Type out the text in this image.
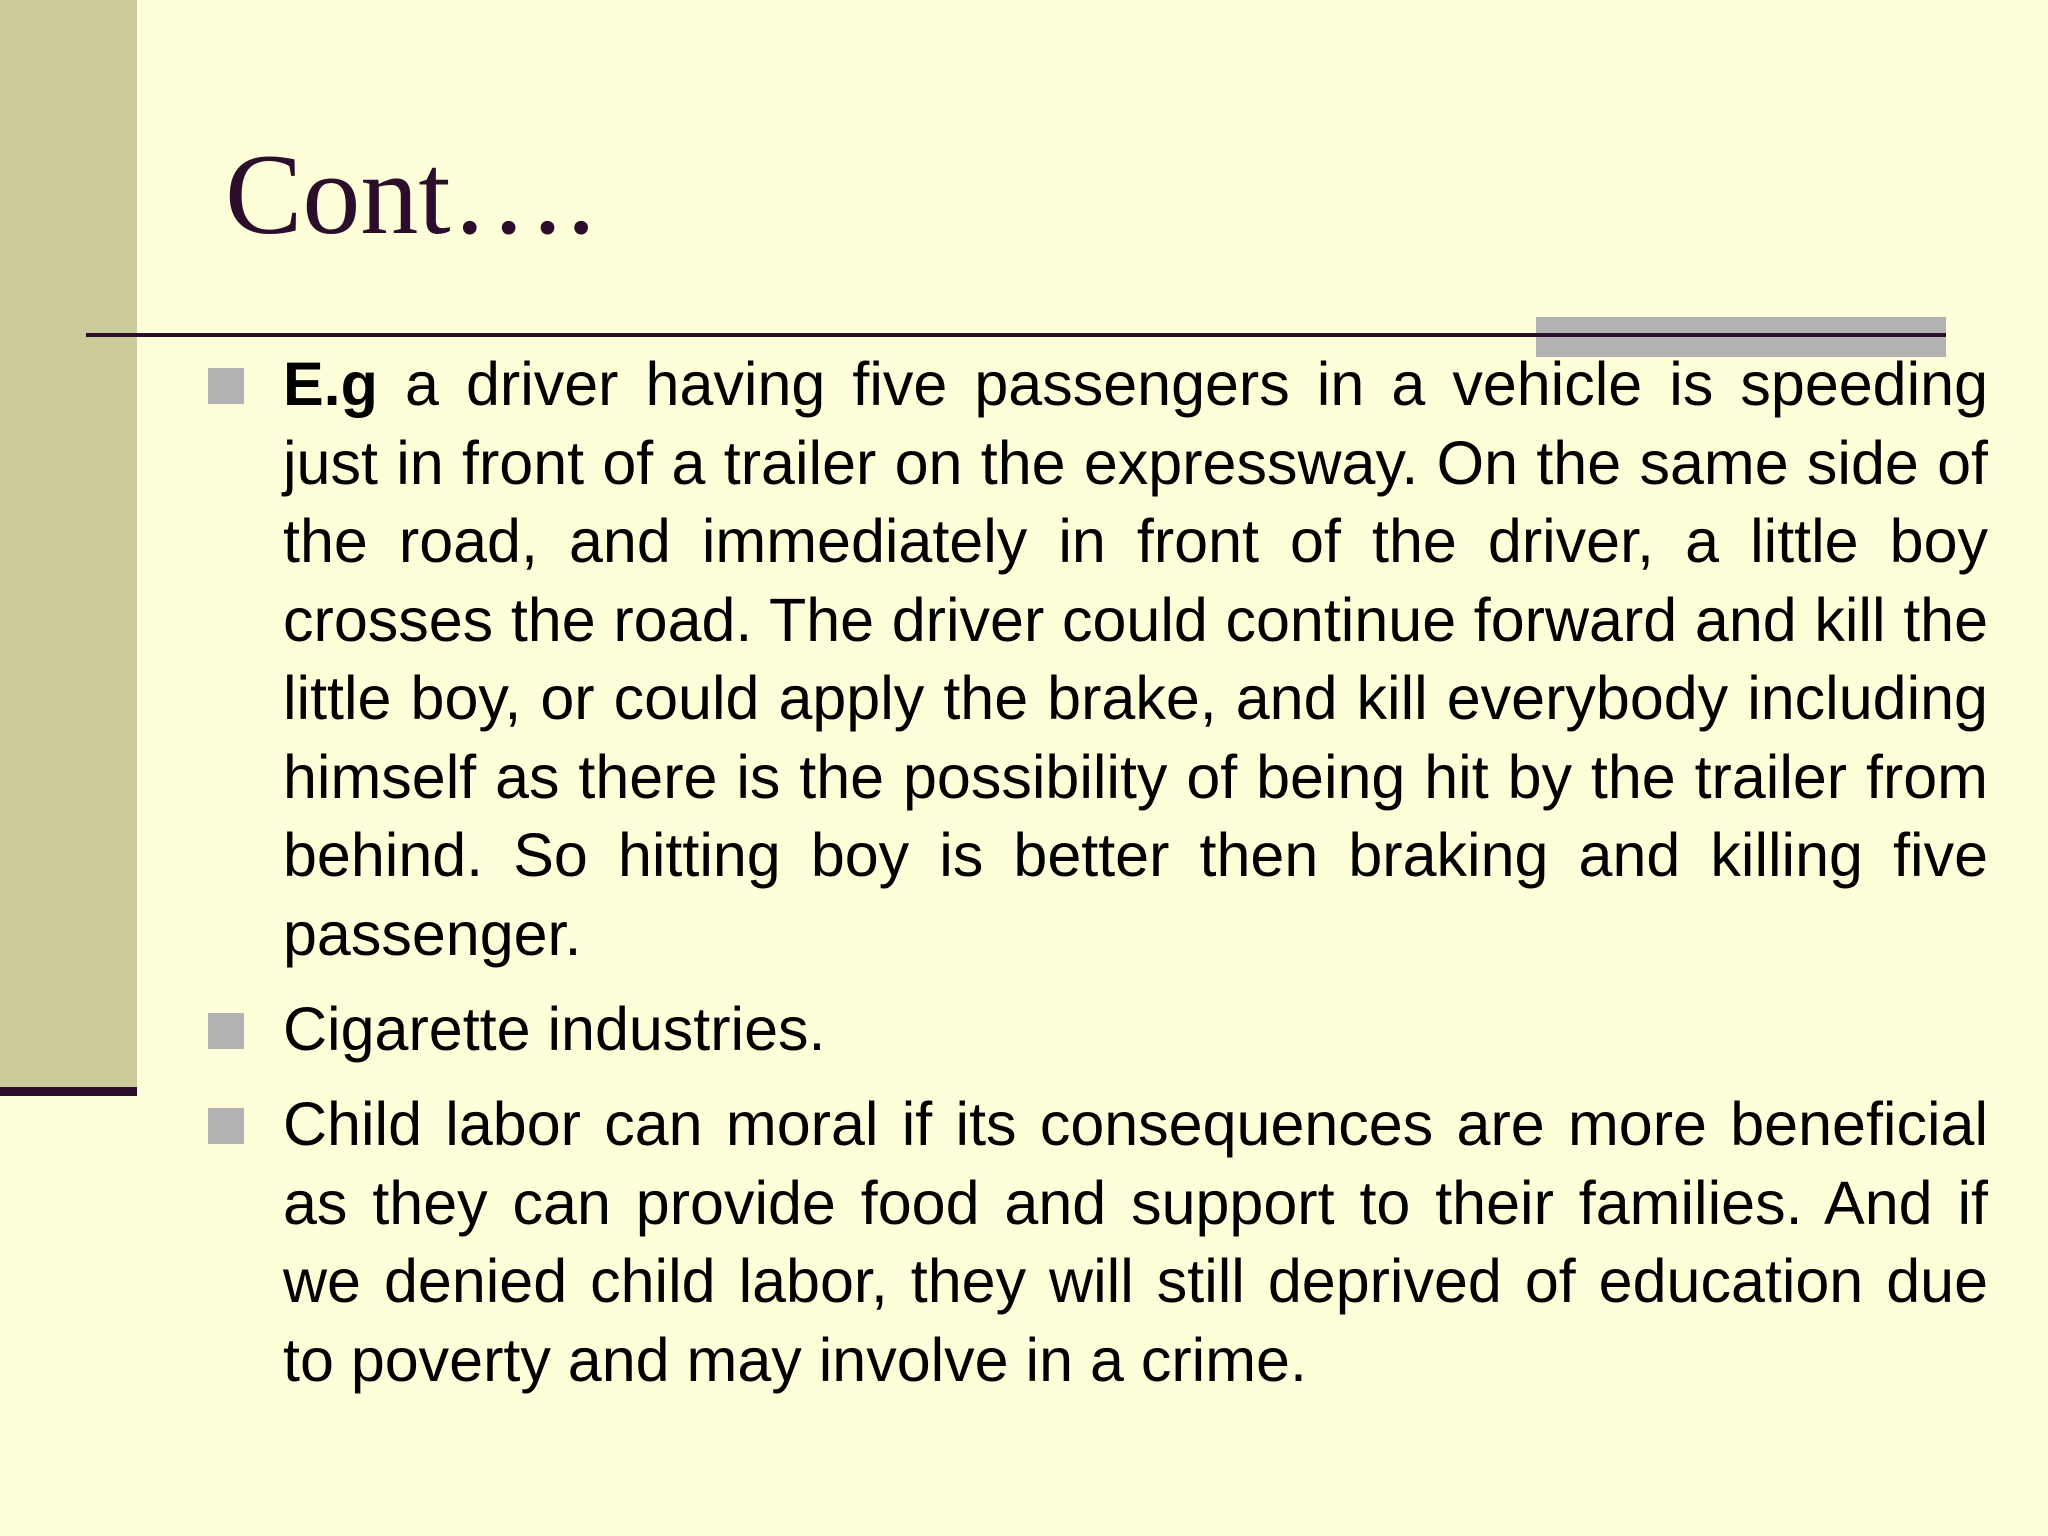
Cont….

E.g a driver having five passengers in a vehicle is speeding just in front of a trailer on the expressway. On the same side of the road, and immediately in front of the driver, a little boy crosses the road. The driver could continue forward and kill the little boy, or could apply the brake, and kill everybody including himself as there is the possibility of being hit by the trailer from behind. So hitting boy is better then braking and killing five passenger.

Cigarette industries.

Child labor can moral if its consequences are more beneficial as they can provide food and support to their families. And if we denied child labor, they will still deprived of education due to poverty and may involve in a crime.
